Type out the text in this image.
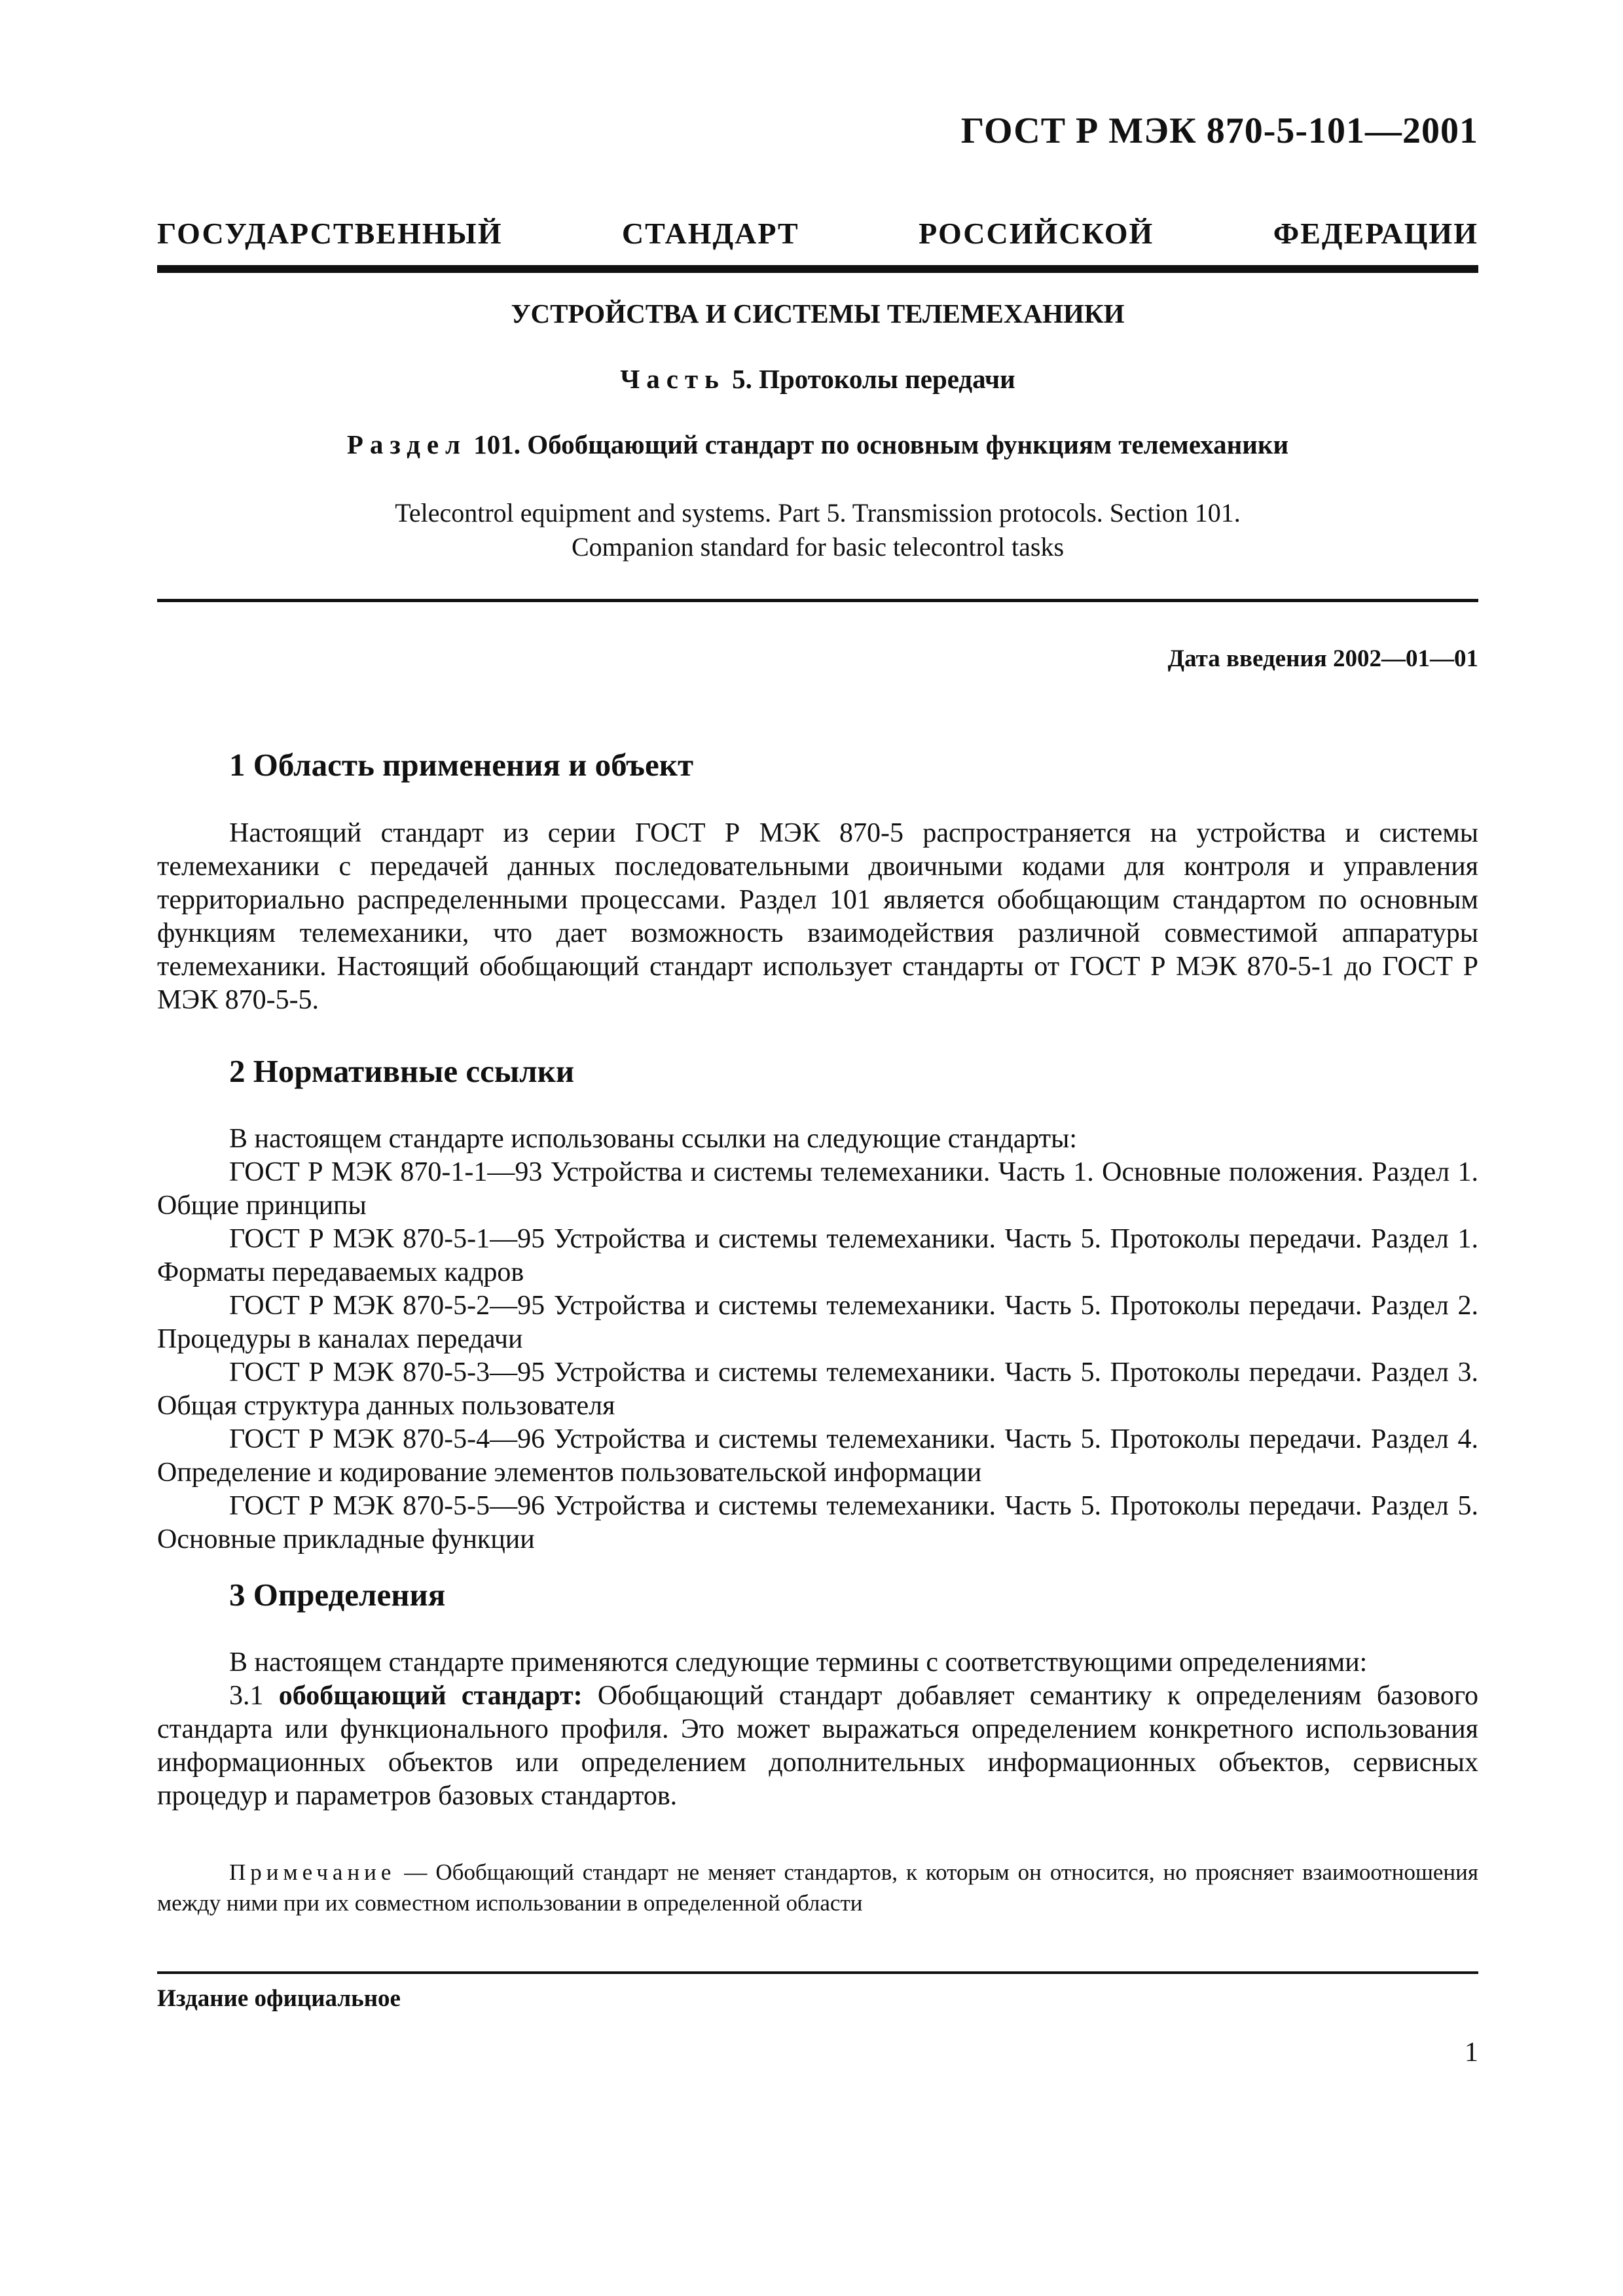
ГОСТ Р МЭК 870-5-101—2001
ГОСУДАРСТВЕННЫЙ СТАНДАРТ РОССИЙСКОЙ ФЕДЕРАЦИИ
УСТРОЙСТВА И СИСТЕМЫ ТЕЛЕМЕХАНИКИ
Часть 5. Протоколы передачи
Раздел 101. Обобщающий стандарт по основным функциям телемеханики
Telecontrol equipment and systems. Part 5. Transmission protocols. Section 101.
Companion standard for basic telecontrol tasks
Дата введения 2002—01—01
1 Область применения и объект
Настоящий стандарт из серии ГОСТ Р МЭК 870-5 распространяется на устройства и системы телемеханики с передачей данных последовательными двоичными кодами для контроля и управления территориально распределенными процессами. Раздел 101 является обобщающим стандартом по основным функциям телемеханики, что дает возможность взаимодействия различной совместимой аппаратуры телемеханики. Настоящий обобщающий стандарт использует стандарты от ГОСТ Р МЭК 870-5-1 до ГОСТ Р МЭК 870-5-5.
2 Нормативные ссылки

В настоящем стандарте использованы ссылки на следующие стандарты:

ГОСТ Р МЭК 870-1-1—93 Устройства и системы телемеханики. Часть 1. Основные положения. Раздел 1. Общие принципы

ГОСТ Р МЭК 870-5-1—95 Устройства и системы телемеханики. Часть 5. Протоколы передачи. Раздел 1. Форматы передаваемых кадров

ГОСТ Р МЭК 870-5-2—95 Устройства и системы телемеханики. Часть 5. Протоколы передачи. Раздел 2. Процедуры в каналах передачи

ГОСТ Р МЭК 870-5-3—95 Устройства и системы телемеханики. Часть 5. Протоколы передачи. Раздел 3. Общая структура данных пользователя

ГОСТ Р МЭК 870-5-4—96 Устройства и системы телемеханики. Часть 5. Протоколы передачи. Раздел 4. Определение и кодирование элементов пользовательской информации

ГОСТ Р МЭК 870-5-5—96 Устройства и системы телемеханики. Часть 5. Протоколы передачи. Раздел 5. Основные прикладные функции

3 Определения

В настоящем стандарте применяются следующие термины с соответствующими определениями:

3.1 обобщающий стандарт: Обобщающий стандарт добавляет семантику к определениям базового стандарта или функционального профиля. Это может выражаться определением конкретного использования информационных объектов или определением дополнительных информационных объектов, сервисных процедур и параметров базовых стандартов.

Примечание — Обобщающий стандарт не меняет стандартов, к которым он относится, но проясняет взаимоотношения между ними при их совместном использовании в определенной области
Издание официальное
1
